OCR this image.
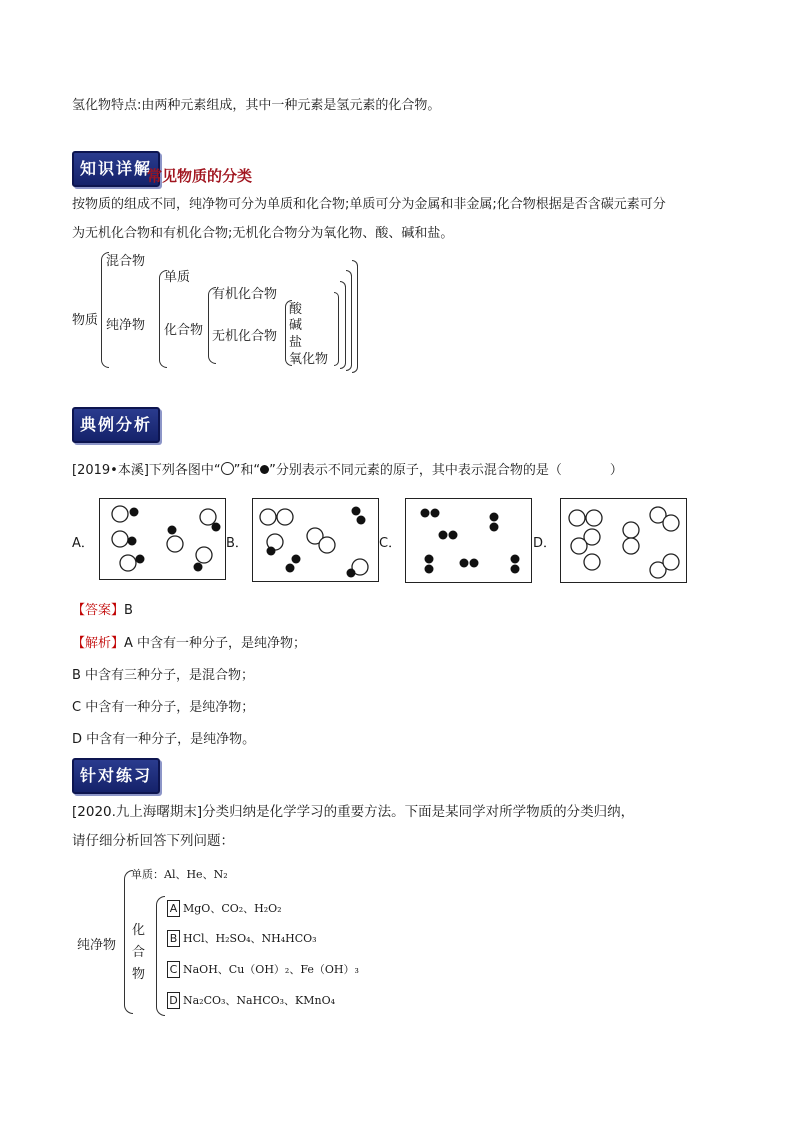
氢化物特点:由两种元素组成，其中一种元素是氢元素的化合物。
知识详解
常见物质的分类
按物质的组成不同，纯净物可分为单质和化合物;单质可分为金属和非金属;化合物根据是否含碳元素可分
为无机化合物和有机化合物;无机化合物分为氧化物、酸、碱和盐。
物质
混合物
纯净物
单质
化合物
有机化合物
无机化合物
酸
碱
盐
氧化物
典例分析
[2019•本溪]下列各图中“ ”和“ ”分别表示不同元素的原子，其中表示混合物的是（	）
A．	B．	C．	D．
【答案】B
【解析】A 中含有一种分子，是纯净物；
B 中含有三种分子，是混合物；
C 中含有一种分子，是纯净物；
D 中含有一种分子，是纯净物。
针对练习
[2020.九上海曙期末]分类归纳是化学学习的重要方法。下面是某同学对所学物质的分类归纳，
请仔细分析回答下列问题：
纯净物
单质：Al、He、N₂
化
合
物
A MgO、CO₂、H₂O₂
B HCl、H₂SO₄、NH₄HCO₃
C NaOH、Cu（OH）₂、Fe（OH）₃
D Na₂CO₃、NaHCO₃、KMnO₄
